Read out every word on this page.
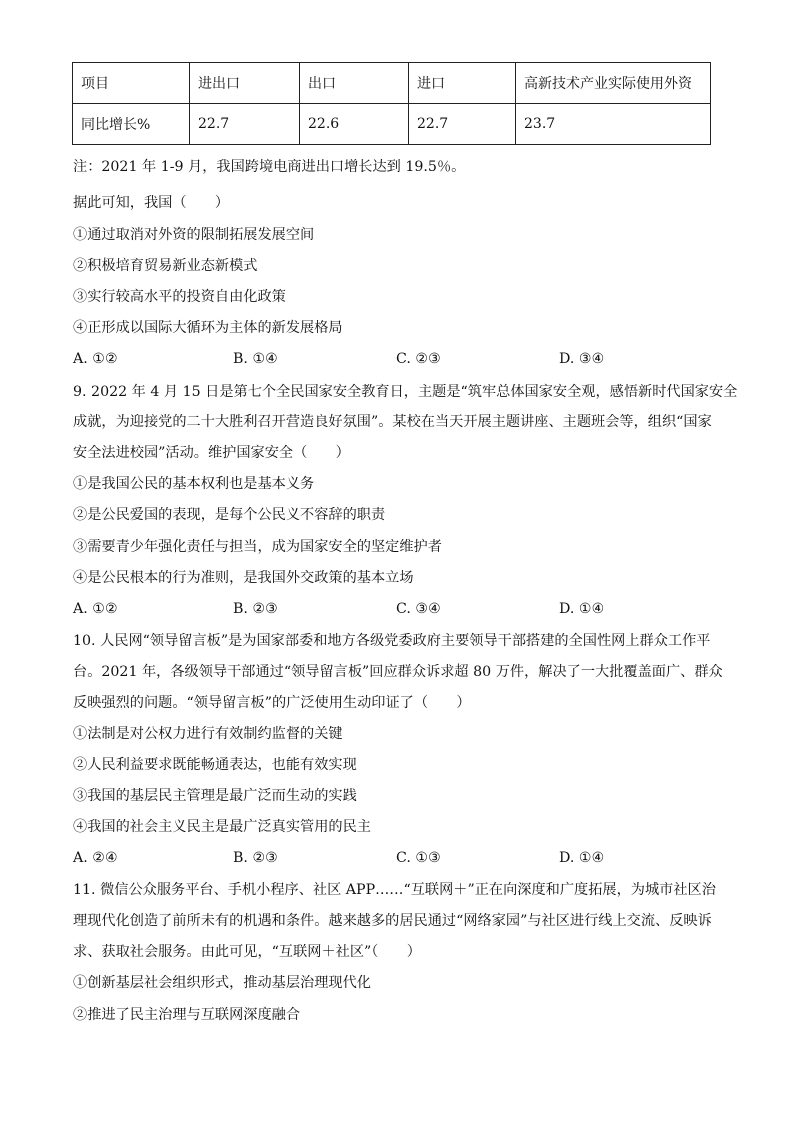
项目	进出口	出口	进口	高新技术产业实际使用外资
同比增长%	22.7	22.6	22.7	23.7
注：2021 年 1-9 月，我国跨境电商进出口增长达到 19.5％。
据此可知，我国（　　）
①通过取消对外资的限制拓展发展空间
②积极培育贸易新业态新模式
③实行较高水平的投资自由化政策
④正形成以国际大循环为主体的新发展格局
A. ①②	B. ①④	C. ②③	D. ③④
9. 2022 年 4 月 15 日是第七个全民国家安全教育日，主题是“筑牢总体国家安全观，感悟新时代国家安全
成就，为迎接党的二十大胜利召开营造良好氛围”。某校在当天开展主题讲座、主题班会等，组织“国家
安全法进校园”活动。维护国家安全（　　）
①是我国公民的基本权利也是基本义务
②是公民爱国的表现，是每个公民义不容辞的职责
③需要青少年强化责任与担当，成为国家安全的坚定维护者
④是公民根本的行为准则，是我国外交政策的基本立场
A. ①②	B. ②③	C. ③④	D. ①④
10. 人民网“领导留言板”是为国家部委和地方各级党委政府主要领导干部搭建的全国性网上群众工作平
台。2021 年，各级领导干部通过“领导留言板”回应群众诉求超 80 万件，解决了一大批覆盖面广、群众
反映强烈的问题。“领导留言板”的广泛使用生动印证了（　　）
①法制是对公权力进行有效制约监督的关键
②人民利益要求既能畅通表达，也能有效实现
③我国的基层民主管理是最广泛而生动的实践
④我国的社会主义民主是最广泛真实管用的民主
A. ②④	B. ②③	C. ①③	D. ①④
11. 微信公众服务平台、手机小程序、社区 APP……“互联网＋”正在向深度和广度拓展，为城市社区治
理现代化创造了前所未有的机遇和条件。越来越多的居民通过“网络家园”与社区进行线上交流、反映诉
求、获取社会服务。由此可见，“互联网＋社区”（　　）
①创新基层社会组织形式，推动基层治理现代化
②推进了民主治理与互联网深度融合
